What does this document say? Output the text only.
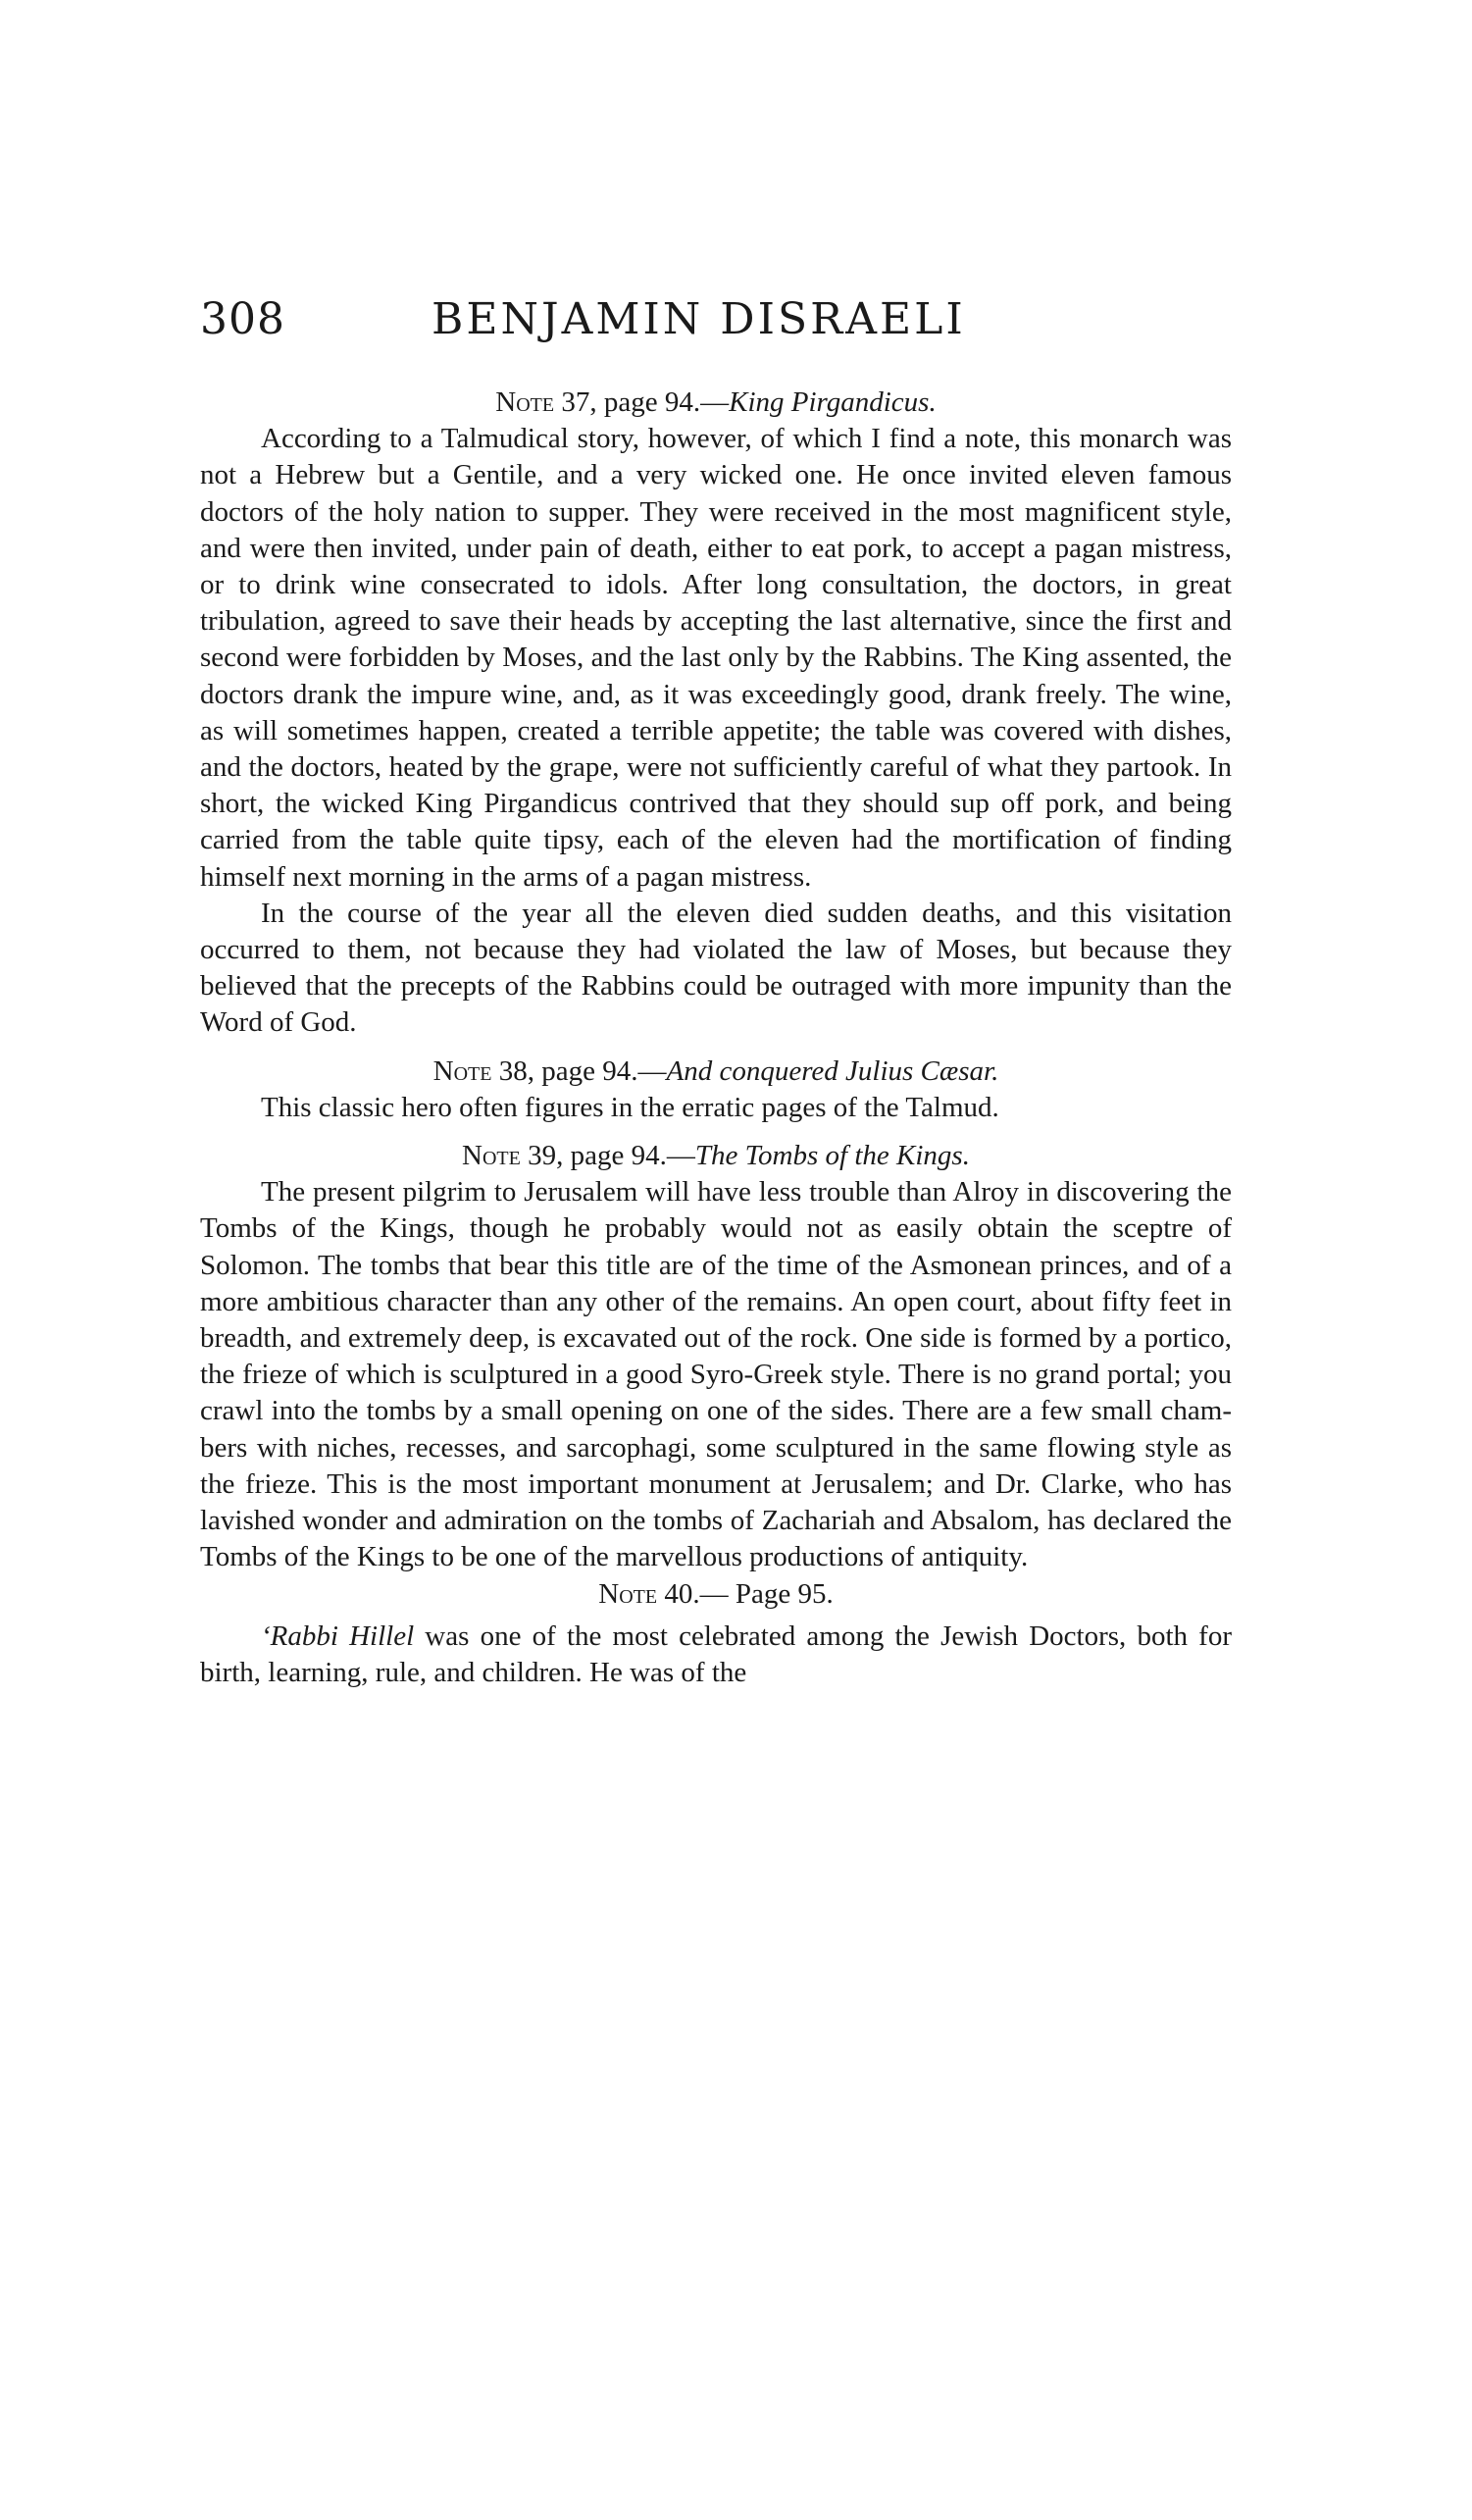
308	BENJAMIN DISRAELI
Note 37, page 94.—King Pirgandicus.

According to a Talmudical story, however, of which I find a note, this monarch was not a Hebrew but a Gentile, and a very wicked one. He once invited eleven famous doctors of the holy nation to supper. They were received in the most magnificent style, and were then invited, under pain of death, either to eat pork, to accept a pagan mistress, or to drink wine consecrated to idols. After long consultation, the doctors, in great tribulation, agreed to save their heads by accepting the last alternative, since the first and second were forbidden by Moses, and the last only by the Rabbins. The King assented, the doctors drank the impure wine, and, as it was exceedingly good, drank freely. The wine, as will sometimes happen, created a terrible appetite; the table was covered with dishes, and the doctors, heated by the grape, were not sufficiently careful of what they partook. In short, the wicked King Pirgandicus contrived that they should sup off pork, and being carried from the table quite tipsy, each of the eleven had the mortification of finding himself next morning in the arms of a pagan mistress.

In the course of the year all the eleven died sudden deaths, and this visitation occurred to them, not because they had violated the law of Moses, but because they believed that the precepts of the Rabbins could be outraged with more impunity than the Word of God.

Note 38, page 94.—And conquered Julius Cæsar.

This classic hero often figures in the erratic pages of the Talmud.

Note 39, page 94.—The Tombs of the Kings.

The present pilgrim to Jerusalem will have less trouble than Alroy in discovering the Tombs of the Kings, though he probably would not as easily obtain the sceptre of Solomon. The tombs that bear this title are of the time of the Asmonean princes, and of a more ambitious character than any other of the remains. An open court, about fifty feet in breadth, and extremely deep, is excavated out of the rock. One side is formed by a portico, the frieze of which is sculptured in a good Syro-Greek style. There is no grand portal; you crawl into the tombs by a small opening on one of the sides. There are a few small chambers with niches, recesses, and sarcophagi, some sculptured in the same flowing style as the frieze. This is the most important monument at Jerusalem; and Dr. Clarke, who has lavished wonder and admiration on the tombs of Zachariah and Absalom, has declared the Tombs of the Kings to be one of the marvellous productions of antiquity.

Note 40.— Page 95.

‘Rabbi Hillel was one of the most celebrated among the Jewish Doctors, both for birth, learning, rule, and children. He was of the
